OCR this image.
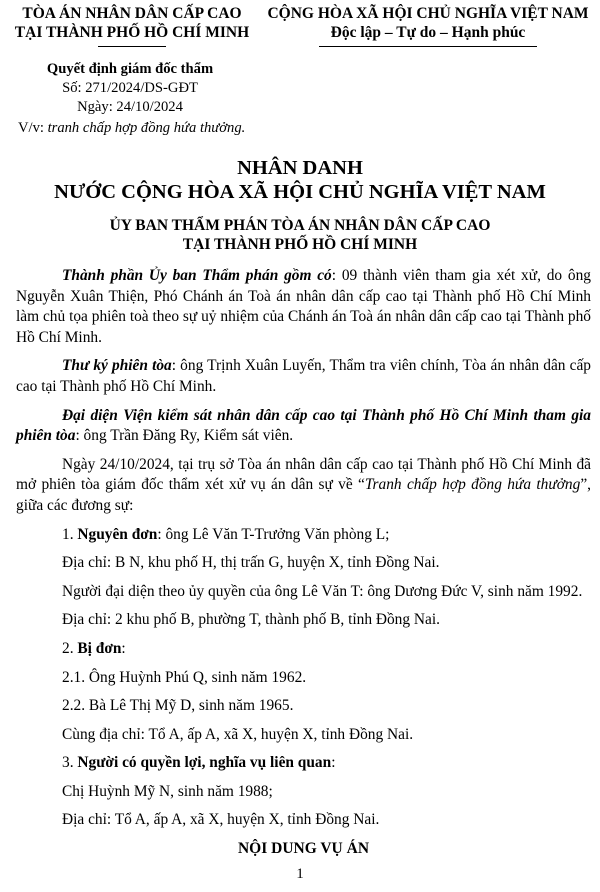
TÒA ÁN NHÂN DÂN CẤP CAO
TẠI THÀNH PHỐ HỒ CHÍ MINH
CỘNG HÒA XÃ HỘI CHỦ NGHĨA VIỆT NAM
Độc lập – Tự do – Hạnh phúc
Quyết định giám đốc thẩm
Số: 271/2024/DS-GĐT
Ngày: 24/10/2024
V/v: tranh chấp hợp đồng hứa thưởng.
NHÂN DANH
NƯỚC CỘNG HÒA XÃ HỘI CHỦ NGHĨA VIỆT NAM
ỦY BAN THẨM PHÁN TÒA ÁN NHÂN DÂN CẤP CAO
TẠI THÀNH PHỐ HỒ CHÍ MINH

Thành phần Ủy ban Thẩm phán gồm có: 09 thành viên tham gia xét xử, do ông Nguyễn Xuân Thiện, Phó Chánh án Toà án nhân dân cấp cao tại Thành phố Hồ Chí Minh làm chủ tọa phiên toà theo sự uỷ nhiệm của Chánh án Toà án nhân dân cấp cao tại Thành phố Hồ Chí Minh.

Thư ký phiên tòa: ông Trịnh Xuân Luyến, Thẩm tra viên chính, Tòa án nhân dân cấp cao tại Thành phố Hồ Chí Minh.

Đại diện Viện kiểm sát nhân dân cấp cao tại Thành phố Hồ Chí Minh tham gia phiên tòa: ông Trần Đăng Ry, Kiểm sát viên.

Ngày 24/10/2024, tại trụ sở Tòa án nhân dân cấp cao tại Thành phố Hồ Chí Minh đã mở phiên tòa giám đốc thẩm xét xử vụ án dân sự về “Tranh chấp hợp đồng hứa thưởng”, giữa các đương sự:

1. Nguyên đơn: ông Lê Văn T-Trưởng Văn phòng L;

Địa chỉ: B N, khu phố H, thị trấn G, huyện X, tỉnh Đồng Nai.

Người đại diện theo ủy quyền của ông Lê Văn T: ông Dương Đức V, sinh năm 1992.

Địa chỉ: 2 khu phố B, phường T, thành phố B, tỉnh Đồng Nai.

2. Bị đơn:

2.1. Ông Huỳnh Phú Q, sinh năm 1962.

2.2. Bà Lê Thị Mỹ D, sinh năm 1965.

Cùng địa chỉ: Tổ A, ấp A, xã X, huyện X, tỉnh Đồng Nai.

3. Người có quyền lợi, nghĩa vụ liên quan:

Chị Huỳnh Mỹ N, sinh năm 1988;

Địa chỉ: Tổ A, ấp A, xã X, huyện X, tỉnh Đồng Nai.

NỘI DUNG VỤ ÁN
1
